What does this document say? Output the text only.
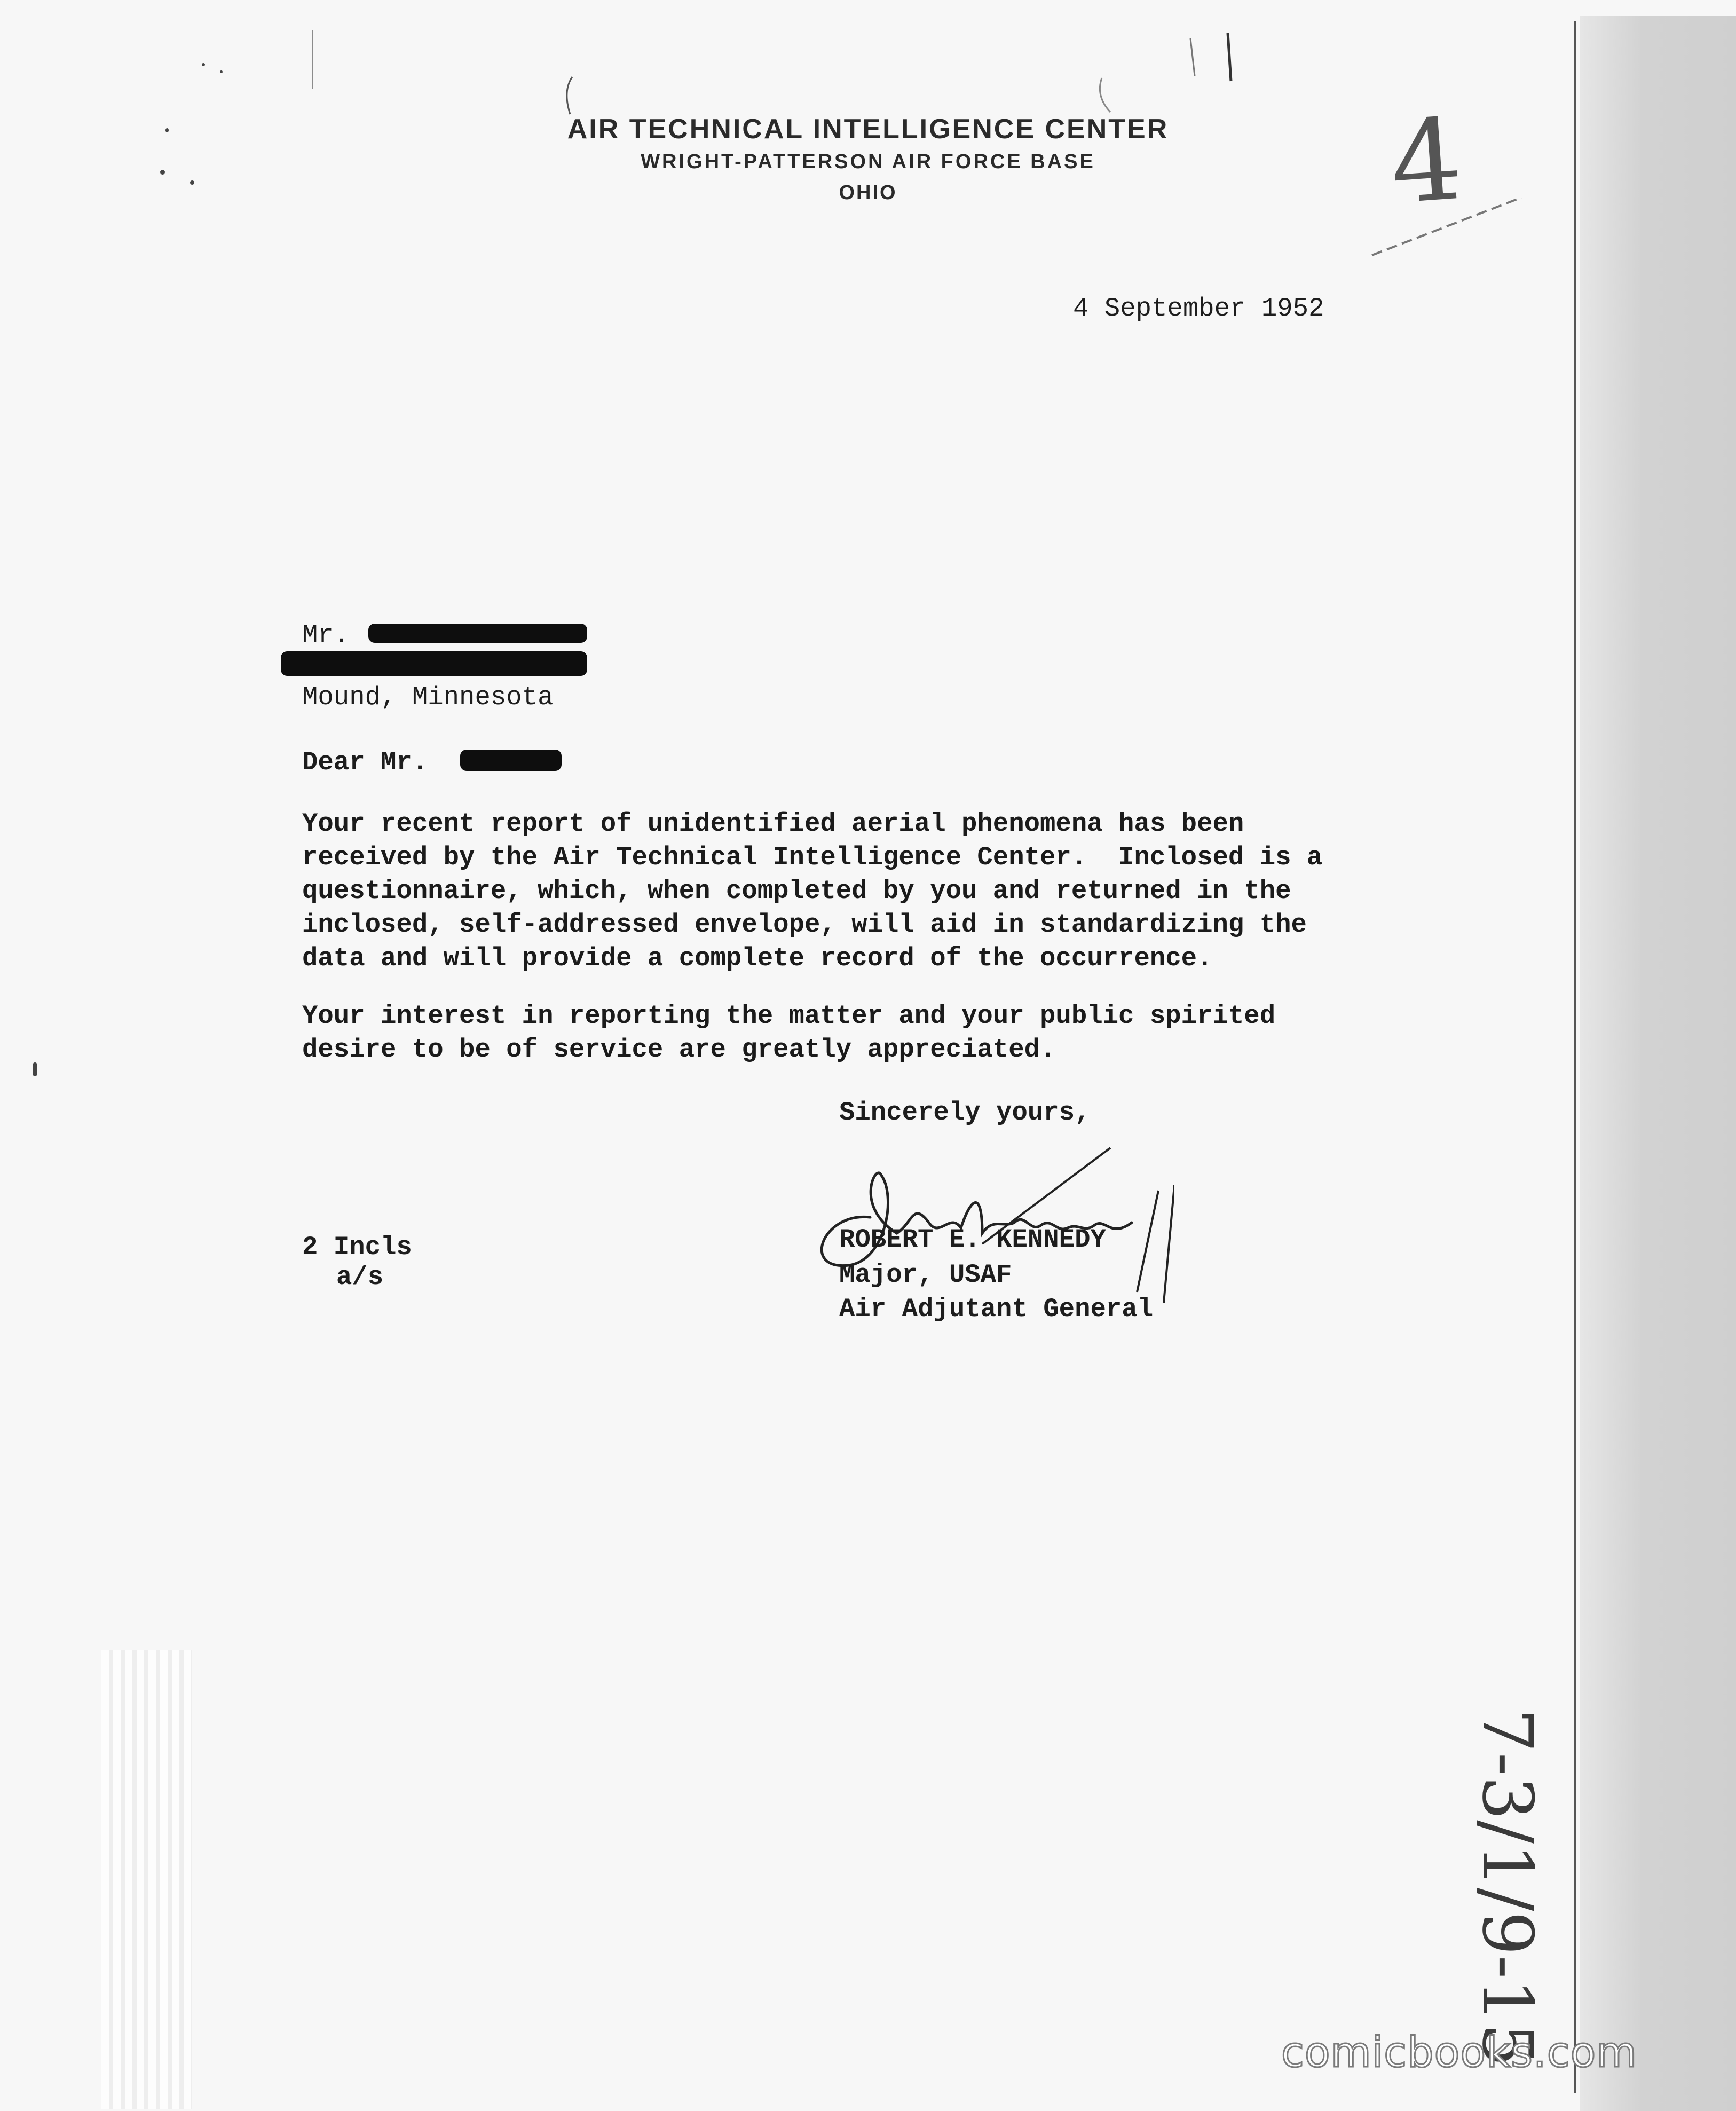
AIR TECHNICAL INTELLIGENCE CENTER
WRIGHT-PATTERSON AIR FORCE BASE
OHIO	4
4 September 1952
Mr.
Mound, Minnesota
Dear Mr.
Your recent report of unidentified aerial phenomena has been
received by the Air Technical Intelligence Center.  Inclosed is a
questionnaire, which, when completed by you and returned in the
inclosed, self-addressed envelope, will aid in standardizing the
data and will provide a complete record of the occurrence.
Your interest in reporting the matter and your public spirited
desire to be of service are greatly appreciated.
Sincerely yours,
ROBERT E. KENNEDY
Major, USAF
Air Adjutant General
2 Incls
a/s
7-3/1/9-15
comicbooks.com
